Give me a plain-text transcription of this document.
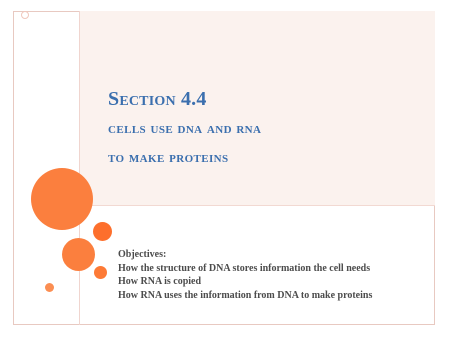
Section 4.4
cells use dna and rna
to make proteins
Objectives:
How the structure of DNA stores information the cell needs
How RNA is copied
How RNA uses the information from DNA to make proteins
